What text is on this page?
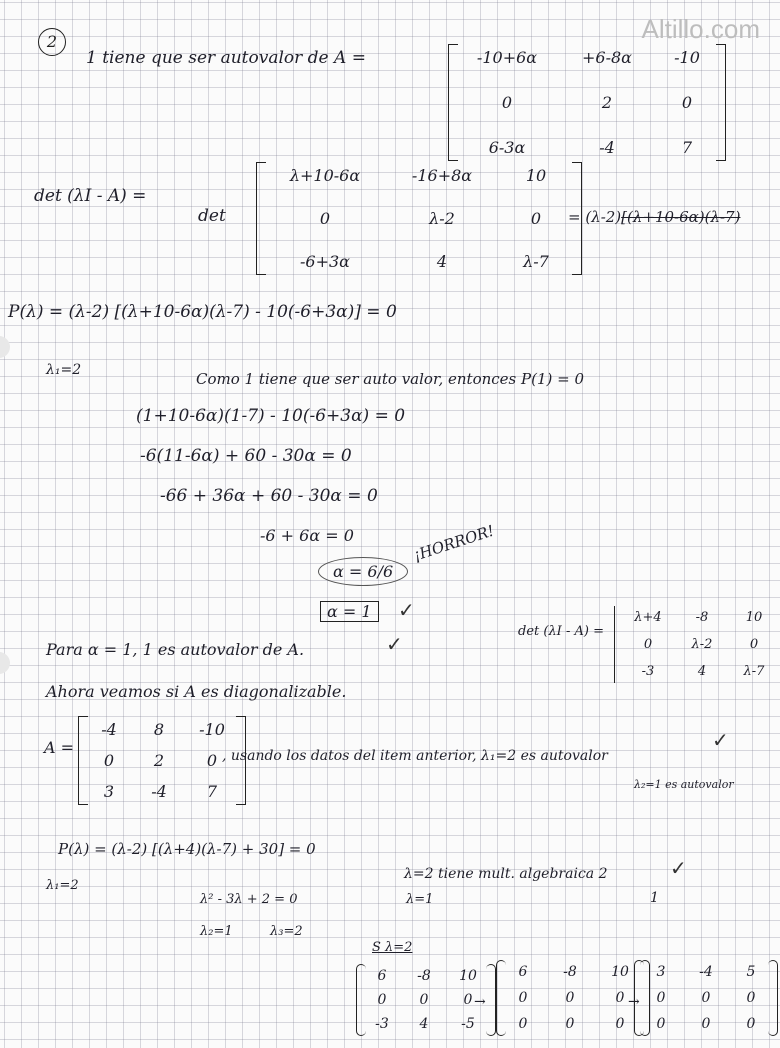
Altillo.com
2
1 tiene que ser autovalor de A =	-10+6α	+6-8α	-10
0	2	0
6-3α	-4	7
det (λI - A) =
det
λ+10-6α	-16+8α	10
0	λ-2	0
-6+3α	4	λ-7
= (λ-2)[(λ+10-6α)(λ-7)
P(λ) = (λ-2) [(λ+10-6α)(λ-7) - 10(-6+3α)] = 0
λ₁=2	Como 1 tiene que ser auto valor, entonces P(1) = 0
(1+10-6α)(1-7) - 10(-6+3α) = 0
-6(11-6α) + 60 - 30α = 0
-66 + 36α + 60 - 30α = 0
-6 + 6α = 0
α = 6/6
α = 1
¡HORROR!
✓
det (λI - A) =
λ+4	-8	10
0	λ-2	0
-3	4	λ-7
Para α = 1, 1 es autovalor de A.	✓
Ahora veamos si A es diagonalizable.
A =
-4	8	-10
0	2	0
3	-4	7
, usando los datos del item anterior, λ₁=2 es autovalor
λ₂=1 es autovalor
✓
P(λ) = (λ-2) [(λ+4)(λ-7) + 30] = 0
λ₁=2
λ² - 3λ + 2 = 0
λ₂=1	λ₃=2
λ=2 tiene mult. algebraica 2
λ=1	1
✓
S λ=2
6	-8	10
0	0	0
-3	4	-5
→
6	-8	10
0	0	0
0	0	0
→
3	-4	5
0	0	0
0	0	0
